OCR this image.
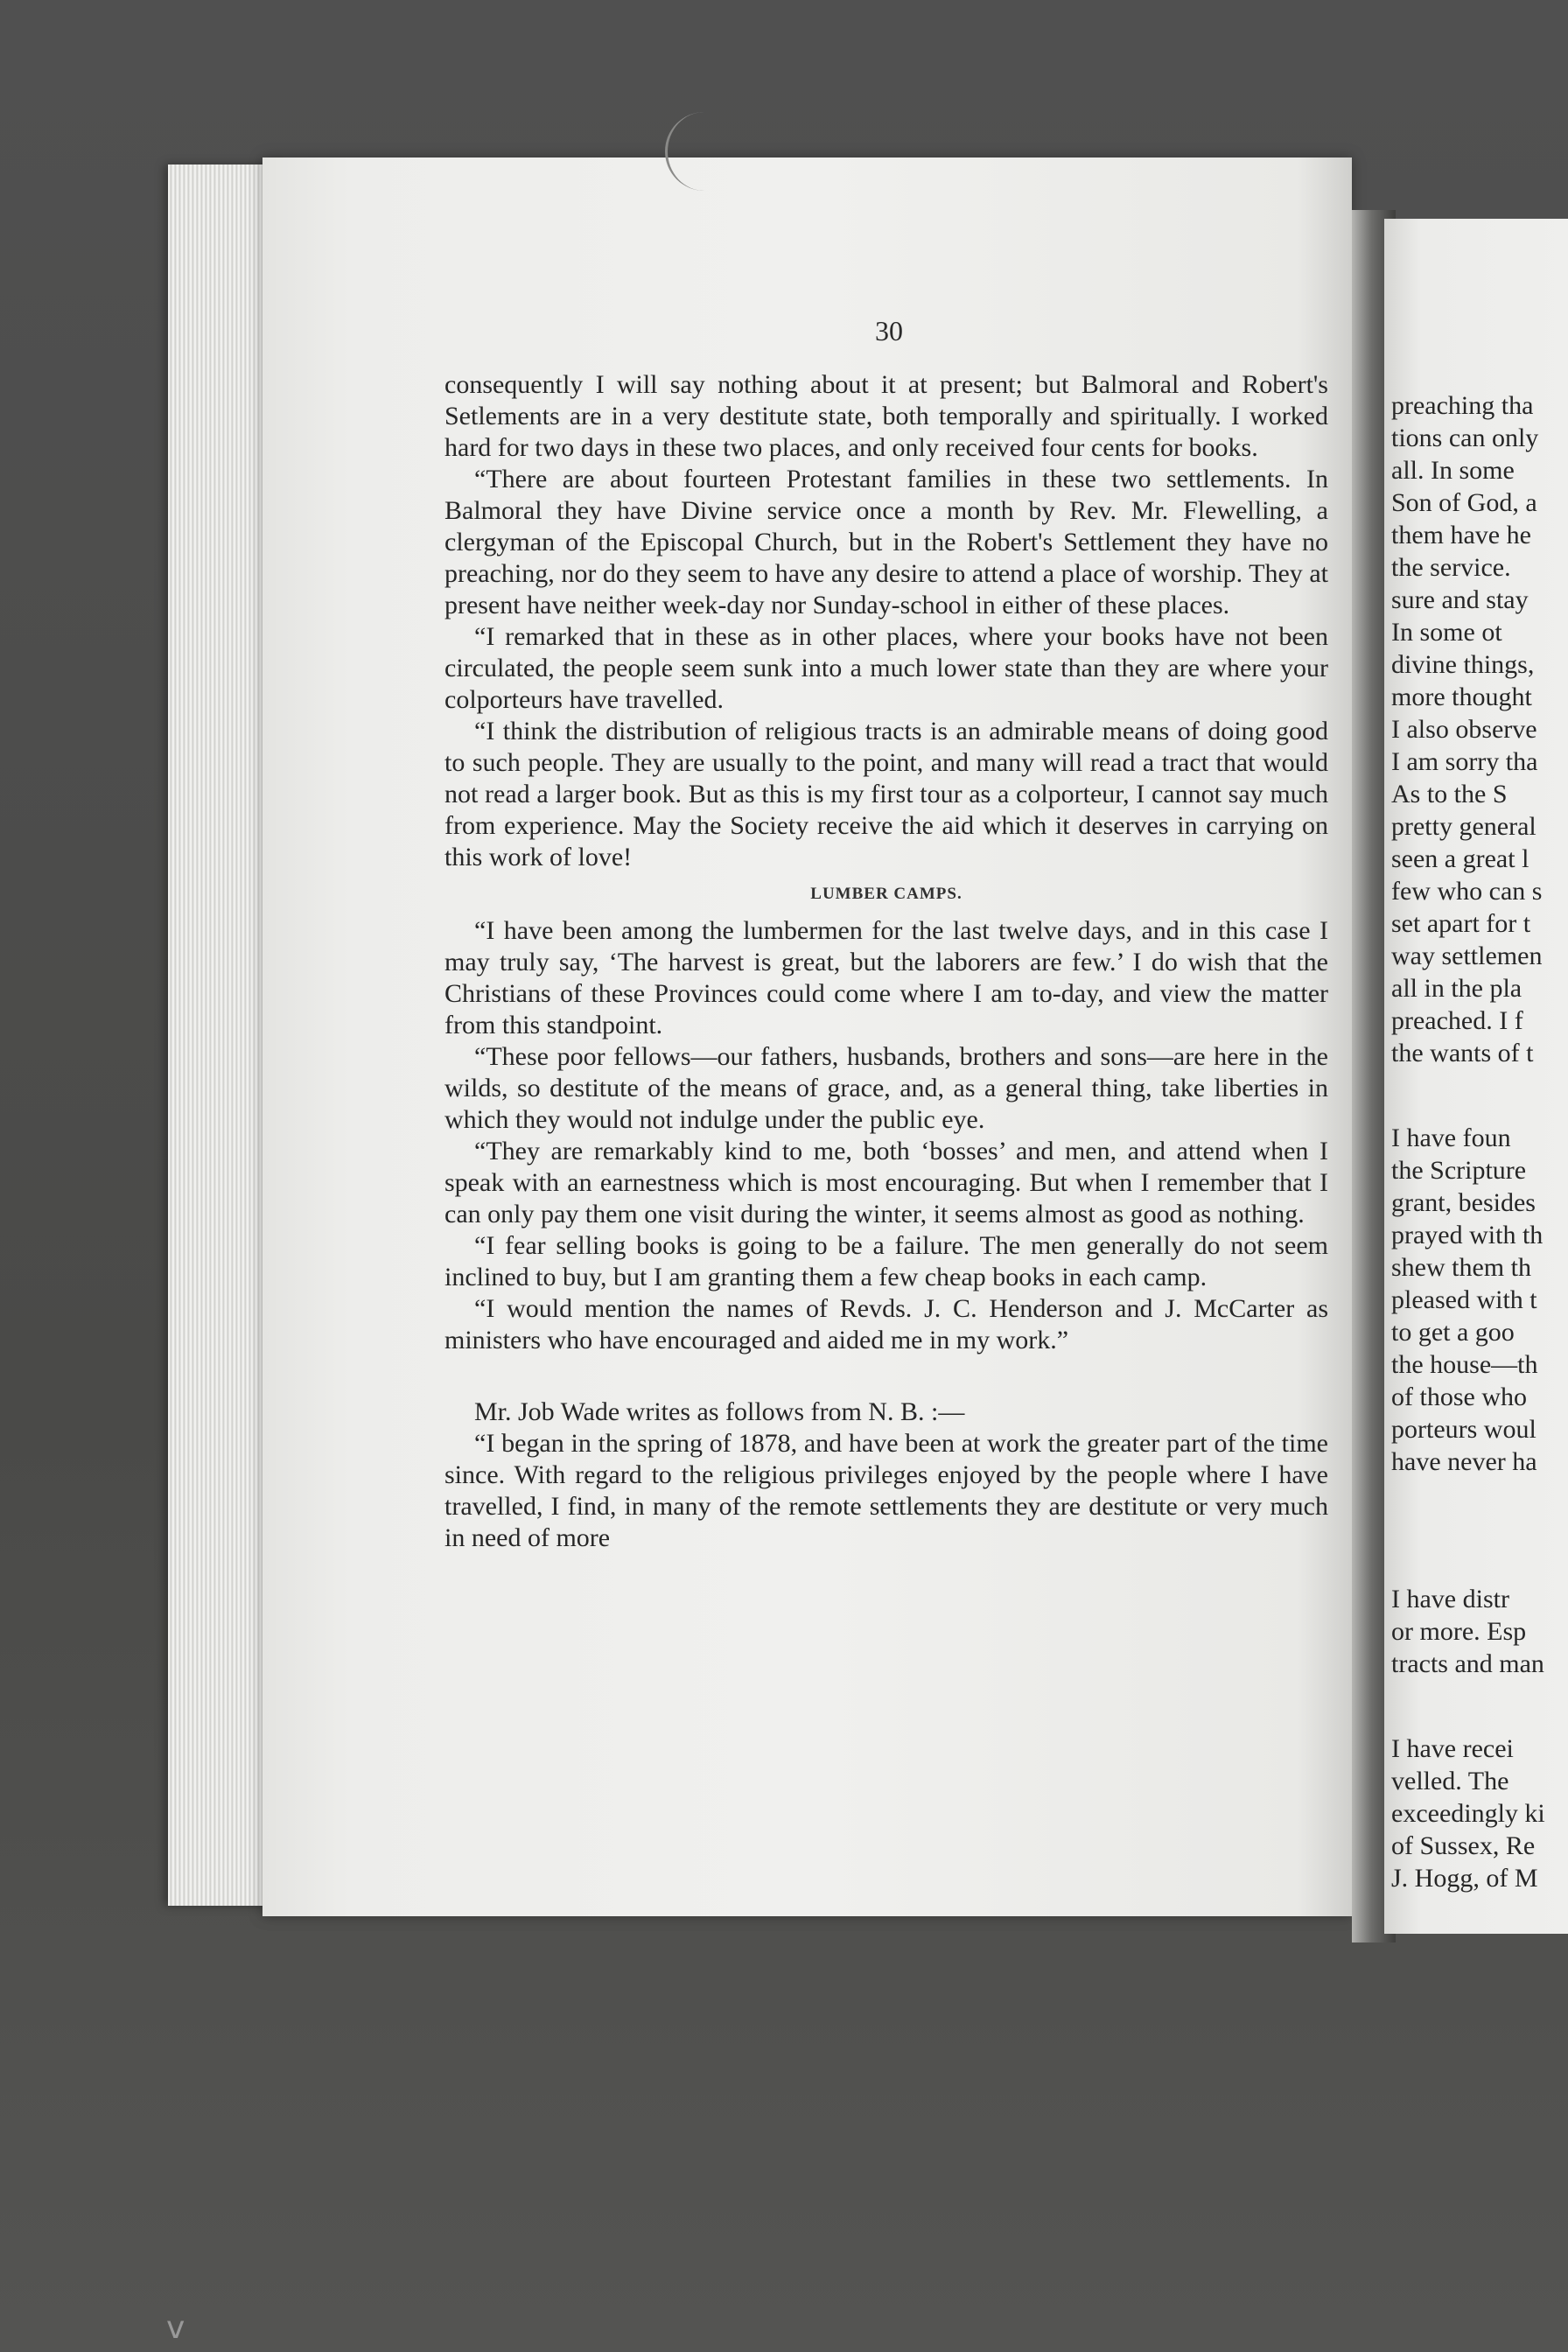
v
30

consequently I will say nothing about it at present; but Balmoral and Robert's Setlements are in a very destitute state, both temporally and spiritually. I worked hard for two days in these two places, and only received four cents for books.

“There are about fourteen Protestant families in these two settlements. In Balmoral they have Divine service once a month by Rev. Mr. Flewelling, a clergyman of the Episcopal Church, but in the Robert's Settlement they have no preaching, nor do they seem to have any desire to attend a place of worship. They at present have neither week-day nor Sunday-school in either of these places.

“I remarked that in these as in other places, where your books have not been circulated, the people seem sunk into a much lower state than they are where your colporteurs have travelled.

“I think the distribution of religious tracts is an admirable means of doing good to such people. They are usually to the point, and many will read a tract that would not read a larger book. But as this is my first tour as a colporteur, I cannot say much from experience. May the Society receive the aid which it deserves in carrying on this work of love!

LUMBER CAMPS.

“I have been among the lumbermen for the last twelve days, and in this case I may truly say, ‘The harvest is great, but the laborers are few.’ I do wish that the Christians of these Provinces could come where I am to-day, and view the matter from this standpoint.

“These poor fellows—our fathers, husbands, brothers and sons—are here in the wilds, so destitute of the means of grace, and, as a general thing, take liberties in which they would not indulge under the public eye.

“They are remarkably kind to me, both ‘bosses’ and men, and attend when I speak with an earnestness which is most encouraging. But when I remember that I can only pay them one visit during the winter, it seems almost as good as nothing.

“I fear selling books is going to be a failure. The men generally do not seem inclined to buy, but I am granting them a few cheap books in each camp.

“I would mention the names of Revds. J. C. Henderson and J. McCarter as ministers who have encouraged and aided me in my work.”

Mr. Job Wade writes as follows from N. B. :—

“I began in the spring of 1878, and have been at work the greater part of the time since. With regard to the religious privileges enjoyed by the people where I have travelled, I find, in many of the remote settlements they are destitute or very much in need of more

preaching tha
tions can only
all. In some
Son of God, a
them have he
the service.
sure and stay
In some ot
divine things,
more thought
I also observe
I am sorry tha
As to the S
pretty general
seen a great l
few who can s
set apart for t
way settlemen
all in the pla
preached. I f
the wants of t
I have foun
the Scripture
grant, besides
prayed with th
shew them th
pleased with t
to get a goo
the house—th
of those who
porteurs woul
have never ha
I have distr
or more. Esp
tracts and man
I have recei
velled. The
exceedingly ki
of Sussex, Re
J. Hogg, of M
